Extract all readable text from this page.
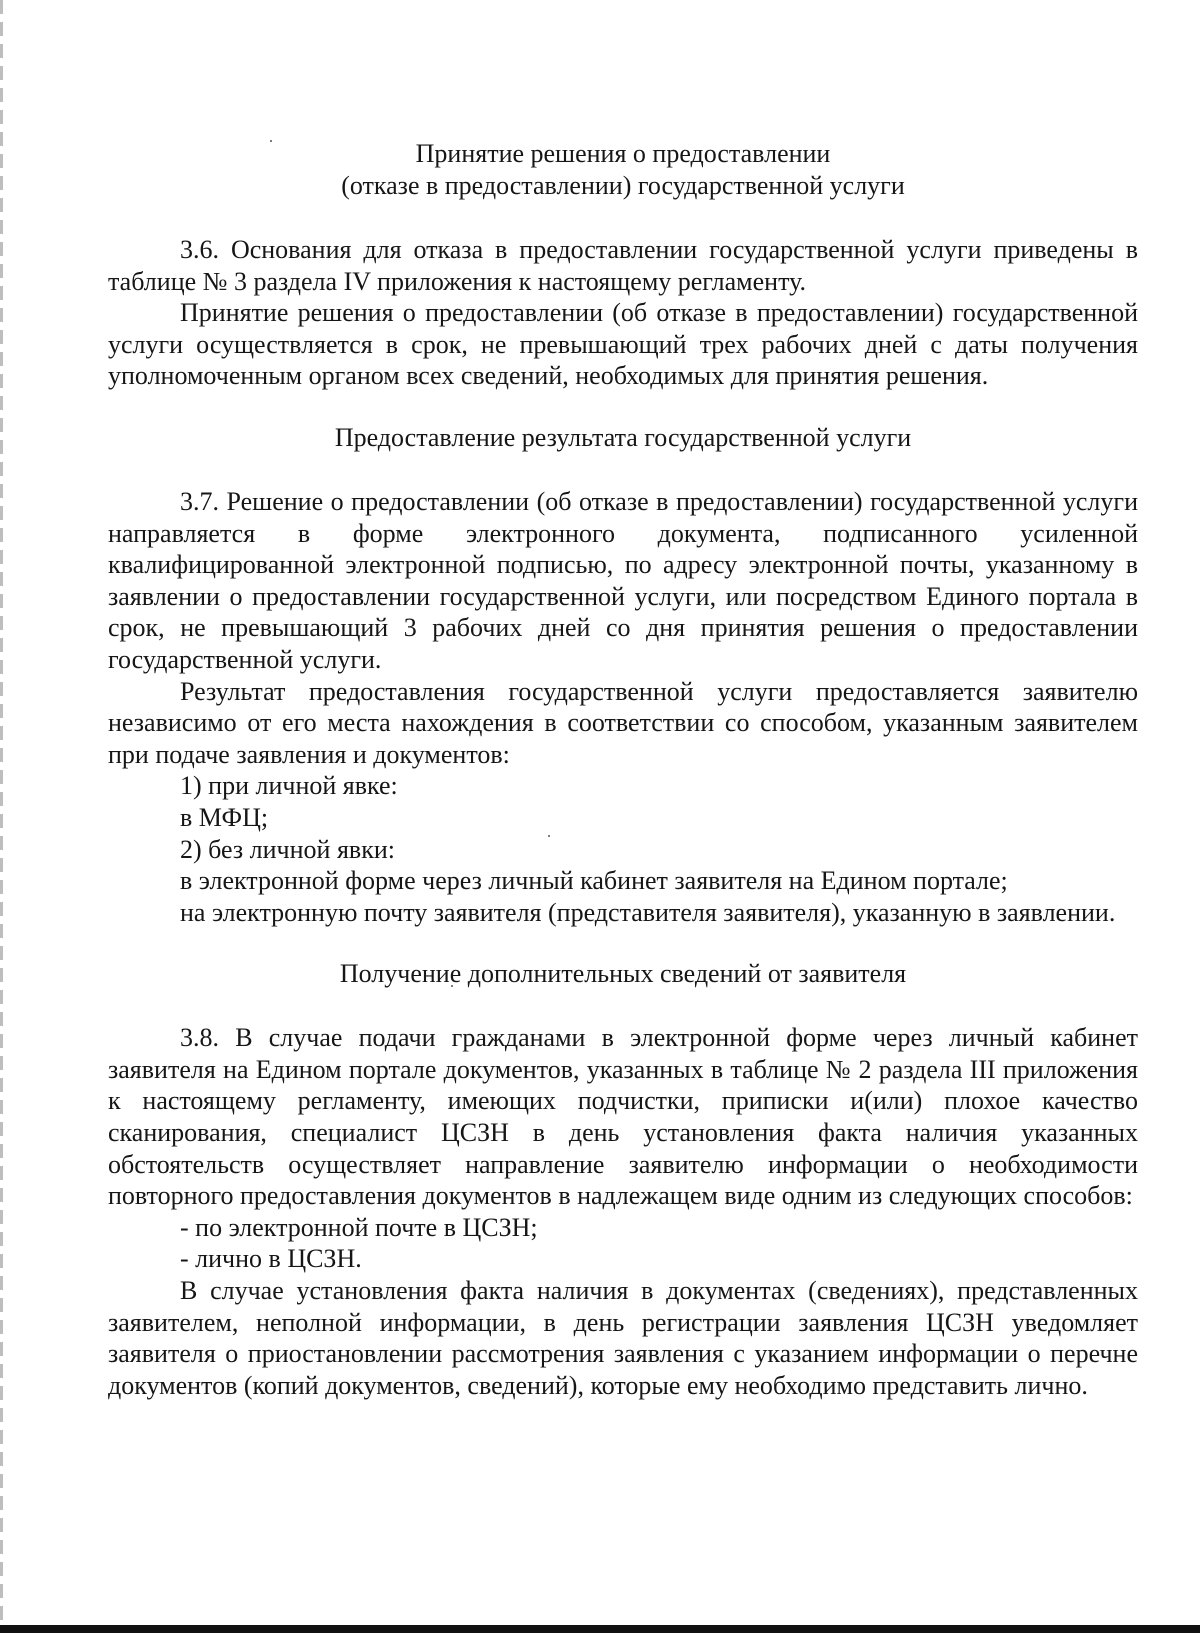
Принятие решения о предоставлении
(отказе в предоставлении) государственной услуги

3.6. Основания для отказа в предоставлении государственной услуги приведены в таблице № 3 раздела IV приложения к настоящему регламенту.

Принятие решения о предоставлении (об отказе в предоставлении) государственной услуги осуществляется в срок, не превышающий трех рабочих дней с даты получения уполномоченным органом всех сведений, необходимых для принятия решения.

Предоставление результата государственной услуги

3.7. Решение о предоставлении (об отказе в предоставлении) государственной услуги направляется в форме электронного документа, подписанного усиленной квалифицированной электронной подписью, по адресу электронной почты, указанному в заявлении о предоставлении государственной услуги, или посредством Единого портала в срок, не превышающий 3 рабочих дней со дня принятия решения о предоставлении государственной услуги.

Результат предоставления государственной услуги предоставляется заявителю независимо от его места нахождения в соответствии со способом, указанным заявителем при подаче заявления и документов:

1) при личной явке:

в МФЦ;

2) без личной явки:

в электронной форме через личный кабинет заявителя на Едином портале;

на электронную почту заявителя (представителя заявителя), указанную в заявлении.

Получение дополнительных сведений от заявителя

3.8. В случае подачи гражданами в электронной форме через личный кабинет заявителя на Едином портале документов, указанных в таблице № 2 раздела III приложения к настоящему регламенту, имеющих подчистки, приписки и(или) плохое качество сканирования, специалист ЦСЗН в день установления факта наличия указанных обстоятельств осуществляет направление заявителю информации о необходимости повторного предоставления документов в надлежащем виде одним из следующих способов:

- по электронной почте в ЦСЗН;

- лично в ЦСЗН.

В случае установления факта наличия в документах (сведениях), представленных заявителем, неполной информации, в день регистрации заявления ЦСЗН уведомляет заявителя о приостановлении рассмотрения заявления с указанием информации о перечне документов (копий документов, сведений), которые ему необходимо представить лично.
